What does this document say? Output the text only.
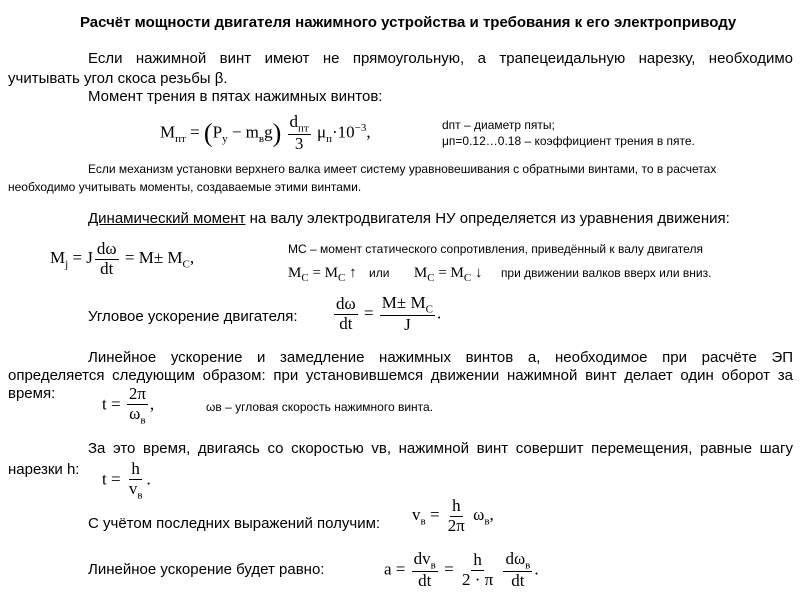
Расчёт мощности двигателя нажимного устройства и требования к его электроприводу
Если нажимной винт имеют не прямоугольную, а трапецеидальную нарезку, необходимо
учитывать угол скоса резьбы β.
Момент трения в пятах нажимных винтов:
$M_{пт} = (P_у - m_вg) \frac{d_{пт}}{3} \mu_п\cdot 10^{-3}$,	dпт – диаметр пяты;
μп=0.12…0.18 – коэффициент трения в пяте.
Если механизм установки верхнего валка имеет систему уравновешивания с обратными винтами, то в расчетах
необходимо учитывать моменты, создаваемые этими винтами.
Динамический момент на валу электродвигателя НУ определяется из уравнения движения:
$M_j = J \frac{d\omega}{dt} = M\pm M_C$,	MC – момент статического сопротивления, приведённый к валу двигателя
$M_C = M_C$ ↑ или $M_C = M_C$ ↓ при движении валков вверх или вниз.
Угловое ускорение двигателя: $\frac{d\omega}{dt} = \frac{M\pm M_C}{J}$ .
Линейное ускорение и замедление нажимных винтов a, необходимое при расчёте ЭП
определяется следующим образом: при установившемся движении нажимной винт делает один оборот за
время:
$t = \frac{2\pi}{\omega_в}$ ,	ωв – угловая скорость нажимного винта.
За это время, двигаясь со скоростью vв, нажимной винт совершит перемещения, равные шагу
нарезки h: $t = \frac{h}{v_в}$ .
С учётом последних выражений получим: $v_в = \frac{h}{2\pi} \omega_в$,
Линейное ускорение будет равно:	$a = \frac{dv_в}{dt} = \frac{h}{2 \cdot \pi}$
$\frac{d\omega_в}{dt}$ .
